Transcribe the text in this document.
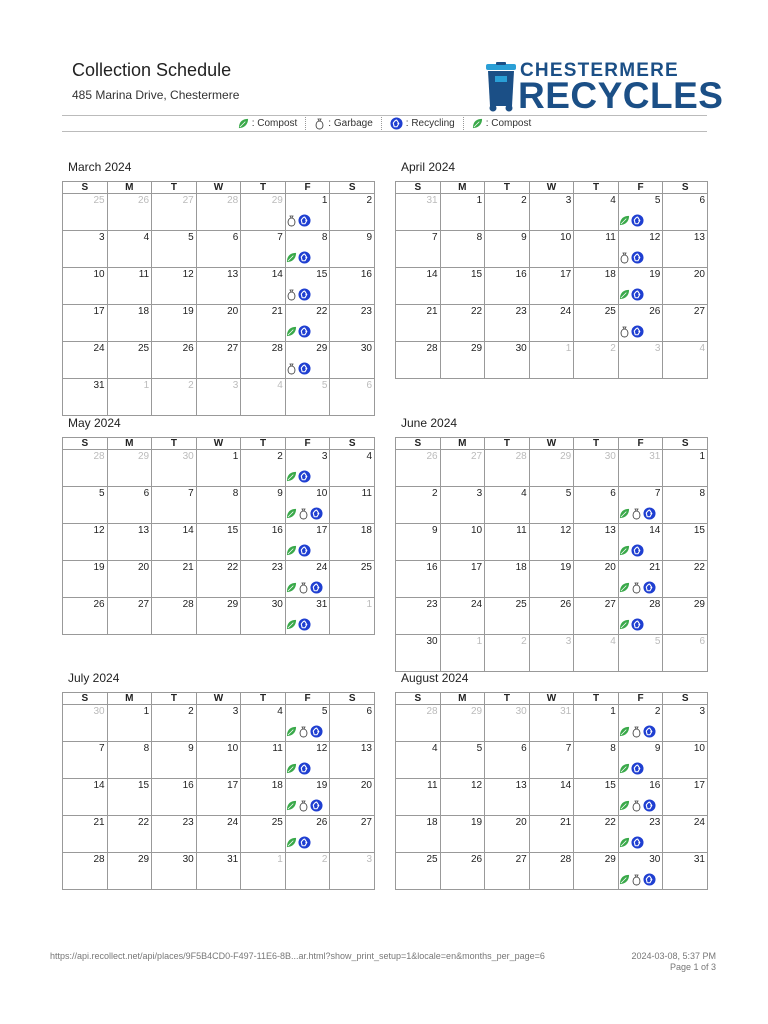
Collection Schedule
485 Marina Drive, Chestermere
CHESTERMERE
RECYCLES
: Compost	: Garbage	: Recycling	: Compost
March 2024
S	M	T	W	T	F	S

25	26	27	28	29	1	2

3	4	5	6	7	8	9

10	11	12	13	14	15	16

17	18	19	20	21	22	23

24	25	26	27	28	29	30

31	1	2	3	4	5	6
April 2024
S	M	T	W	T	F	S

31	1	2	3	4	5	6

7	8	9	10	11	12	13

14	15	16	17	18	19	20

21	22	23	24	25	26	27

28	29	30	1	2	3	4
May 2024
S	M	T	W	T	F	S

28	29	30	1	2	3	4

5	6	7	8	9	10	11

12	13	14	15	16	17	18

19	20	21	22	23	24	25

26	27	28	29	30	31	1
June 2024
S	M	T	W	T	F	S

26	27	28	29	30	31	1

2	3	4	5	6	7	8

9	10	11	12	13	14	15

16	17	18	19	20	21	22

23	24	25	26	27	28	29

30	1	2	3	4	5	6
July 2024
S	M	T	W	T	F	S

30	1	2	3	4	5	6

7	8	9	10	11	12	13

14	15	16	17	18	19	20

21	22	23	24	25	26	27

28	29	30	31	1	2	3
August 2024
S	M	T	W	T	F	S

28	29	30	31	1	2	3

4	5	6	7	8	9	10

11	12	13	14	15	16	17

18	19	20	21	22	23	24

25	26	27	28	29	30	31
https://api.recollect.net/api/places/9F5B4CD0-F497-11E6-8B...ar.html?show_print_setup=1&locale=en&months_per_page=6	2024-03-08, 5:37 PM
Page 1 of 3
